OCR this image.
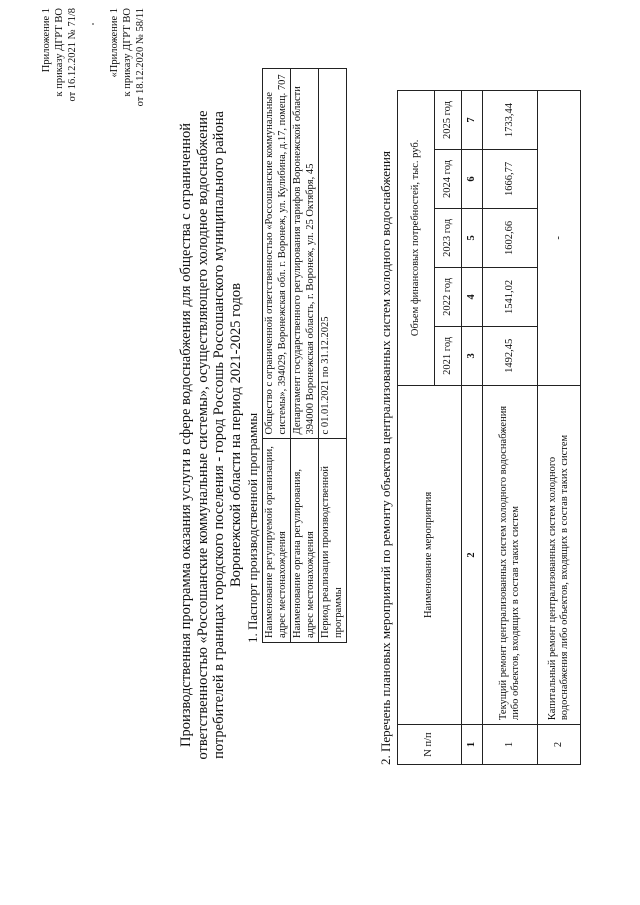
Приложение 1 к приказу ДГРТ ВО от 16.12.2021 № 71/8	«Приложение 1 к приказу ДГРТ ВО от 18.12.2020 № 58/11
Производственная программа оказания услуги в сфере водоснабжения для общества с ограниченной ответственностью «Россошанские коммунальные системы», осуществляющего холодное водоснабжение потребителей в границах городского поселения - город Россошь Россошанского муниципального района Воронежской области на период 2021-2025 годов 1. Паспорт производственной программы Наименование регулируемой организации, адрес местонахождения	Общество с ограниченной ответственностью «Россошанские коммунальные системы», 394029, Воронежская обл. г. Воронеж, ул. Кулибина, д.17, помещ. 707
Наименование органа регулирования, адрес местонахождения	Департамент государственного регулирования тарифов Воронежской области 394000 Воронежская область, г. Воронеж, ул. 25 Октября, 45
Период реализации производственной программы	с 01.01.2021 по 31.12.2025	2. Перечень плановых мероприятий по ремонту объектов централизованных систем холодного водоснабжения	N п/п	Наименование мероприятия	Объем финансовых потребностей, тыс. руб.				
		2021 год	2022 год	2023 год	2024 год	2025 год
1	2	3	4	5	6	7
1	Текущий ремонт централизованных систем холодного водоснабжения либо объектов, входящих в состав таких систем	1492,45	1541,02	1602,66	1666,77	1733,44
2	Капитальный ремонт централизованных систем холодного водоснабжения либо объектов, входящих в состав таких систем	-				
